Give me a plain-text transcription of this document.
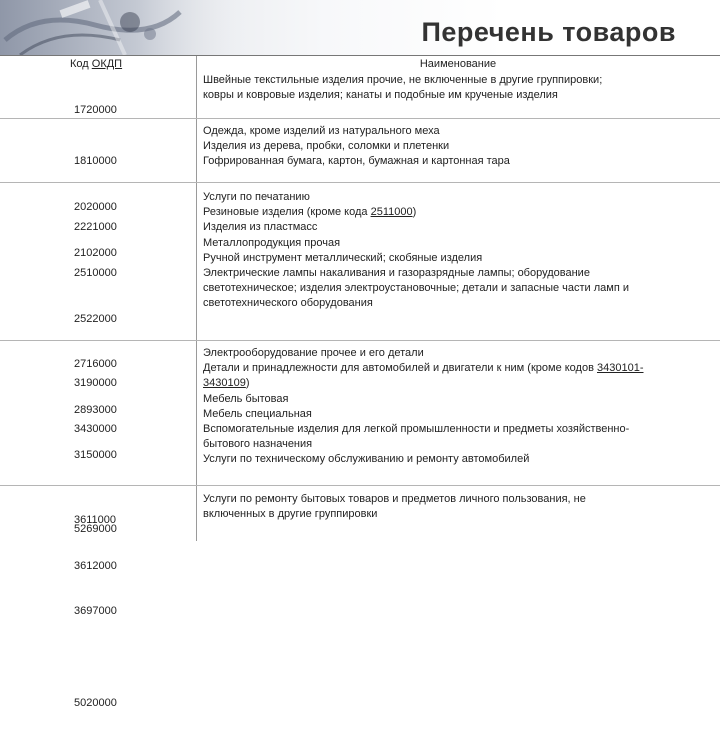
Перечень товаров
Код ОКДП	Наименование

1720000

Швейные текстильные изделия прочие, не включенные в другие группировки;
ковры и ковровые изделия; канаты и подобные им крученые изделия

1810000

2020000

2102000

Одежда, кроме изделий из натурального меха
Изделия из дерева, пробки, соломки и плетенки
Гофрированная бумага, картон, бумажная и картонная тара

2221000

2510000

2522000

2716000

2893000

3150000

Услуги по печатанию
Резиновые изделия (кроме кода 2511000)
Изделия из пластмасс
Металлопродукция прочая
Ручной инструмент металлический; скобяные изделия
Электрические лампы накаливания и газоразрядные лампы; оборудование
светотехническое; изделия электроустановочные; детали и запасные части ламп и
светотехнического оборудования

3190000

3430000

3611000

3612000

3697000

5020000

Электрооборудование прочее и его детали
Детали и принадлежности для автомобилей и двигатели к ним (кроме кодов 3430101-
3430109)
Мебель бытовая
Мебель специальная
Вспомогательные изделия для легкой промышленности и предметы хозяйственно-
бытового назначения
Услуги по техническому обслуживанию и ремонту автомобилей

5269000

Услуги по ремонту бытовых товаров и предметов личного пользования, не
включенных в другие группировки
